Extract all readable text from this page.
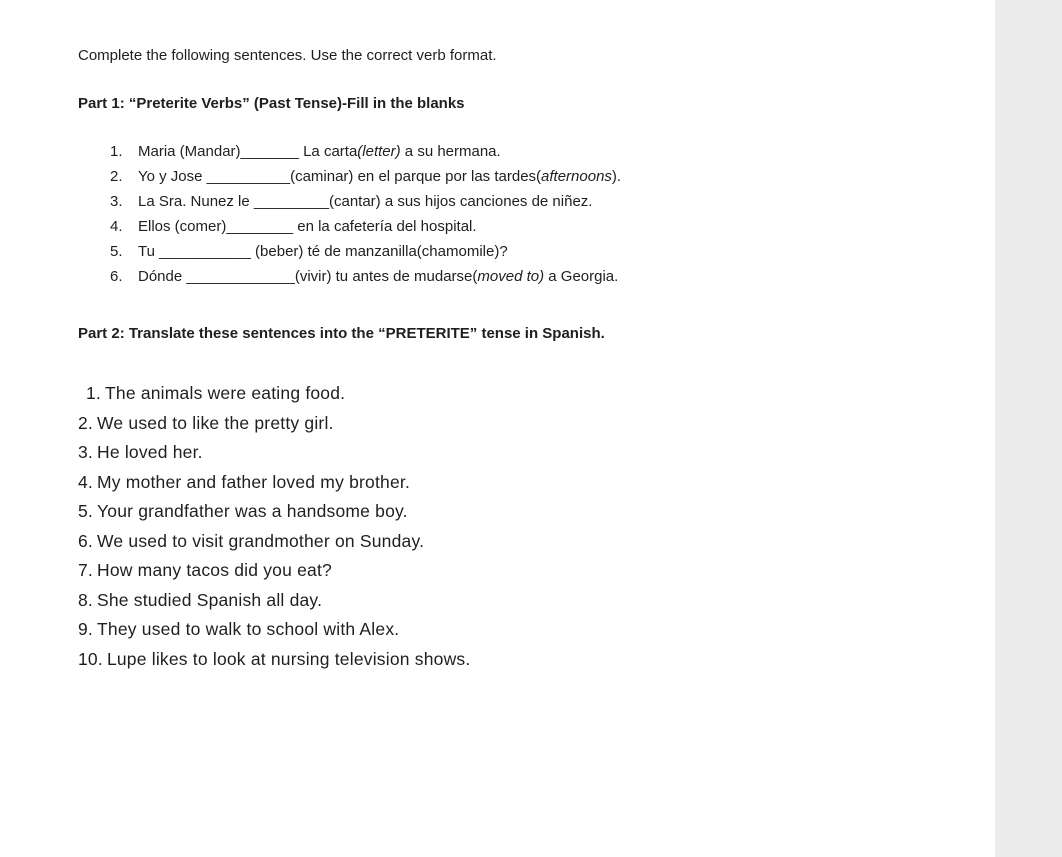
Complete the following sentences. Use the correct verb format.

Part 1: “Preterite Verbs” (Past Tense)-Fill in the blanks
1. Maria (Mandar)_______ La carta(letter) a su hermana.
2. Yo y Jose __________(caminar) en el parque por las tardes(afternoons).
3. La Sra. Nunez le _________(cantar) a sus hijos canciones de niñez.
4. Ellos (comer)________ en la cafetería del hospital.
5. Tu ___________ (beber) té de manzanilla(chamomile)?
6. Dónde _____________(vivir) tu antes de mudarse(moved to) a Georgia.
Part 2: Translate these sentences into the “PRETERITE” tense in Spanish.
1. The animals were eating food.
2. We used to like the pretty girl.
3. He loved her.
4. My mother and father loved my brother.
5. Your grandfather was a handsome boy.
6. We used to visit grandmother on Sunday.
7. How many tacos did you eat?
8. She studied Spanish all day.
9. They used to walk to school with Alex.
10. Lupe likes to look at nursing television shows.
